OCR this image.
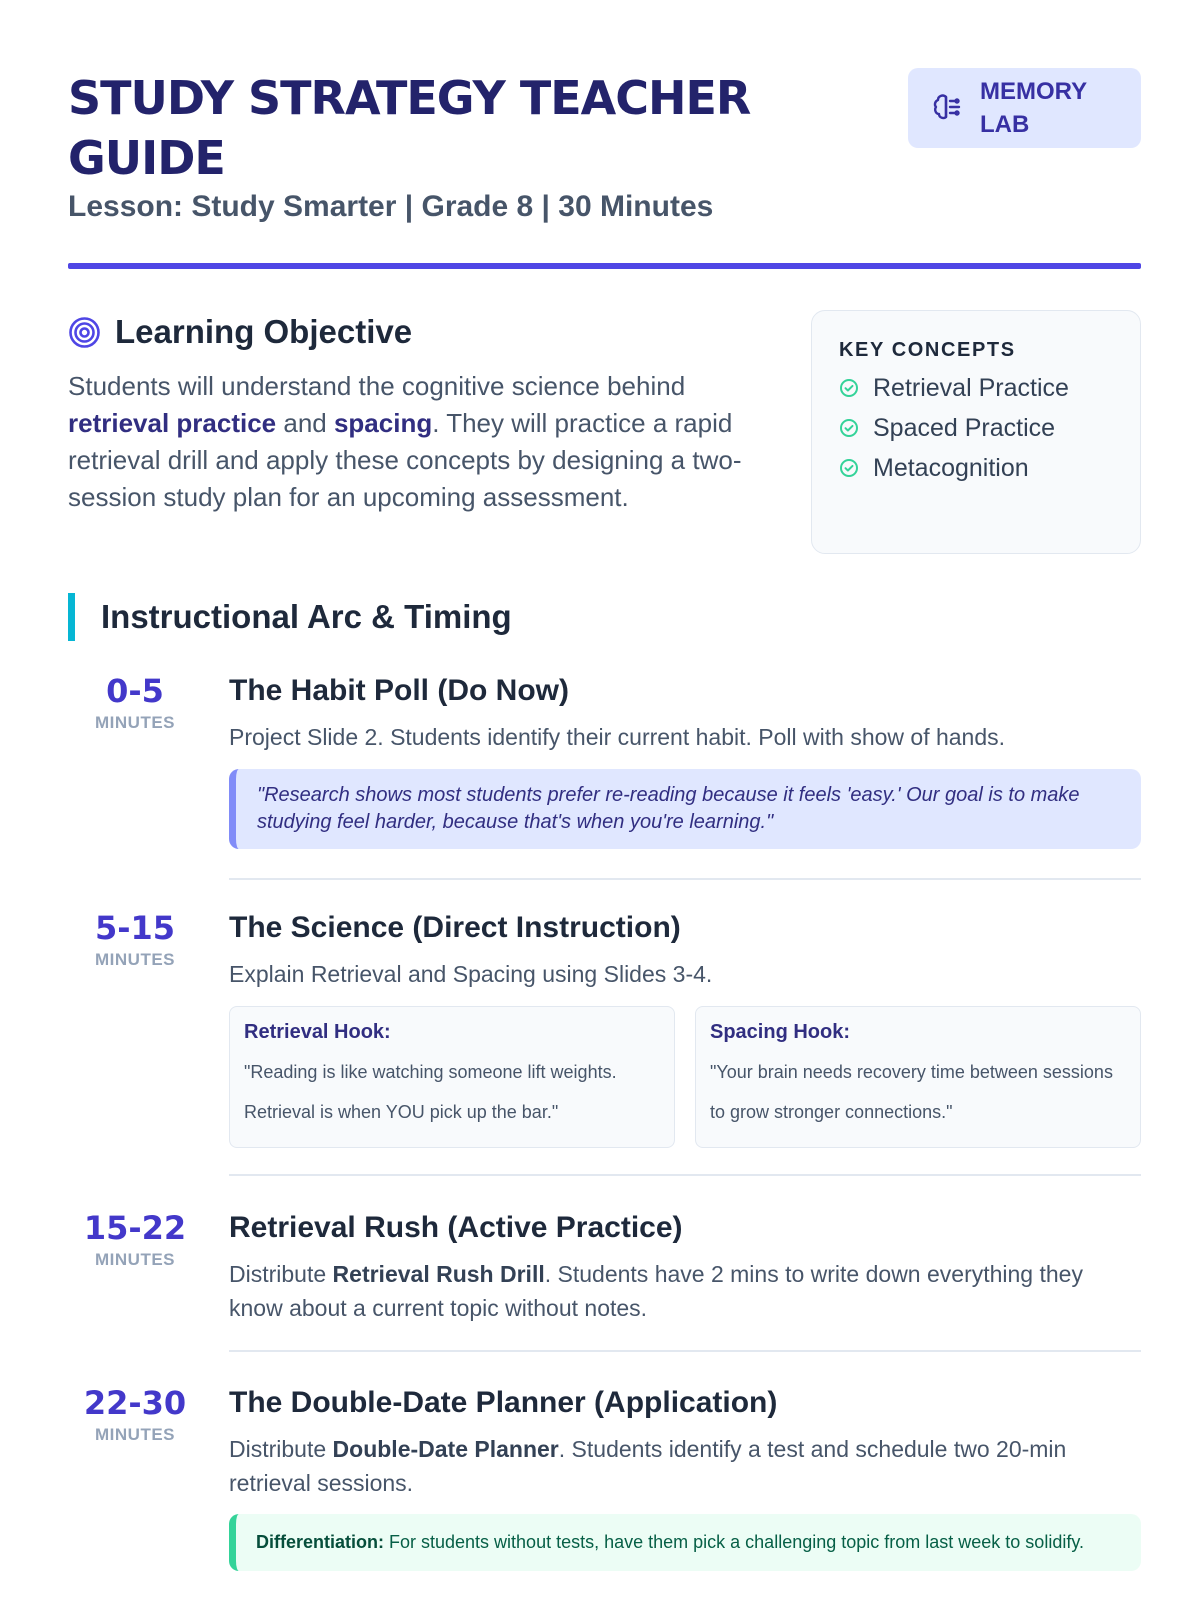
STUDY STRATEGY TEACHER GUIDE
Lesson: Study Smarter | Grade 8 | 30 Minutes
MEMORY
LAB
Learning Objective

Students will understand the cognitive science behind retrieval practice and spacing. They will practice a rapid retrieval drill and apply these concepts by designing a two-session study plan for an upcoming assessment.

KEY CONCEPTS
Retrieval Practice
Spaced Practice
Metacognition
Instructional Arc & Timing
0-5
MINUTES
The Habit Poll (Do Now)
Project Slide 2. Students identify their current habit. Poll with show of hands.
"Research shows most students prefer re-reading because it feels 'easy.' Our goal is to make studying feel harder, because that's when you're learning."
5-15
MINUTES
The Science (Direct Instruction)
Explain Retrieval and Spacing using Slides 3-4.
Retrieval Hook:
"Reading is like watching someone lift weights. Retrieval is when YOU pick up the bar."
Spacing Hook:
"Your brain needs recovery time between sessions to grow stronger connections."
15-22
MINUTES
Retrieval Rush (Active Practice)
Distribute Retrieval Rush Drill. Students have 2 mins to write down everything they know about a current topic without notes.
22-30
MINUTES
The Double-Date Planner (Application)
Distribute Double-Date Planner. Students identify a test and schedule two 20-min retrieval sessions.
Differentiation: For students without tests, have them pick a challenging topic from last week to solidify.
